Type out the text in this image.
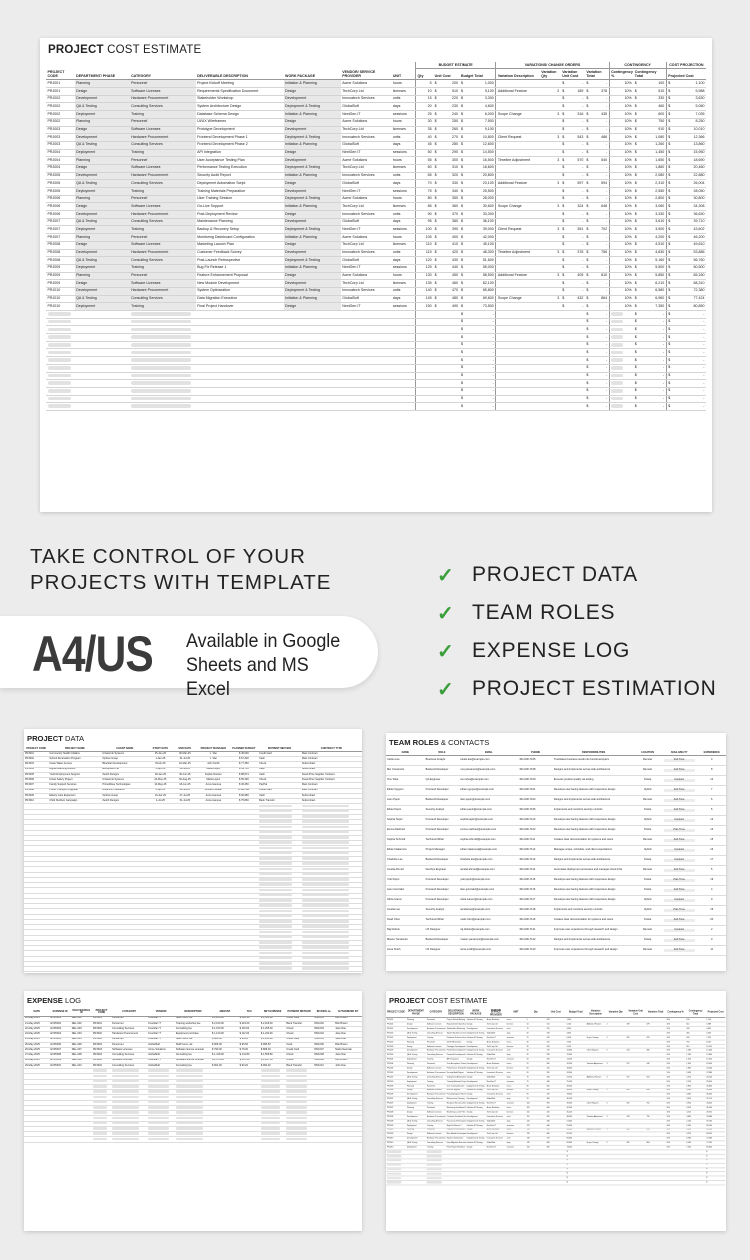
PROJECT COST ESTIMATE
PROJECT CODE	DEPARTMENT/ PHASE	CATEGORY	DELIVERABLE DESCRIPTION	WORK PACKAGE	VENDOR/ SERVICE PROVIDER	UNIT	BUDGET ESTIMATE			VARIATIONS/ CHANGE ORDERS				CONTINGENCY		COST PROJECTION
							Qty	Unit Cost	Budget Total	Variation Description	Variation Qty	Variation Unit Cost	Variation Total	Contingency %	Contingency Total	Projected Cost
PRJ001	Planning	Personnel	Project Kickoff Meeting	Initiation & Planning	Acme Solutions	hours	5	$ 200	$ 1,000			$ -	$ -	10%	$ 100	$ 1,100
PRJ001	Design	Software Licenses	Requirements Specification Document	Design	TechCorp Ltd	licenses	10	$ 510	$ 5,100	Additional Feature	2	$ 189	$ 378	10%	$ 510	$ 5,988
PRJ002	Development	Hardware Procurement	Stakeholder Workshop	Development	Innovatech Services	units	15	$ 220	$ 3,300			$ -	$ -	10%	$ 330	$ 3,630
PRJ002	QA & Testing	Consulting Services	System Architecture Design	Deployment & Testing	GlobalSoft	days	20	$ 230	$ 4,600			$ -	$ -	10%	$ 460	$ 5,060
PRJ002	Deployment	Training	Database Schema Design	Initiation & Planning	NextGen IT	sessions	25	$ 240	$ 6,000	Scope Change	3	$ 316	$ 435	10%	$ 600	$ 7,035
PRJ002	Planning	Personnel	UI/UX Wireframes	Design	Acme Solutions	hours	30	$ 250	$ 7,500			$ -	$ -	10%	$ 750	$ 8,250
PRJ003	Design	Software Licenses	Prototype Development	Development	TechCorp Ltd	licenses	35	$ 260	$ 9,100			$ -	$ -	10%	$ 910	$ 10,010
PRJ003	Development	Hardware Procurement	Frontend Development Phase 1	Deployment & Testing	Innovatech Services	units	40	$ 270	$ 10,800	Client Request	3	$ 543	$ 486	10%	$ 1,080	$ 12,366
PRJ003	QA & Testing	Consulting Services	Frontend Development Phase 2	Initiation & Planning	GlobalSoft	days	45	$ 280	$ 12,600			$ -	$ -	10%	$ 1,260	$ 13,860
PRJ004	Deployment	Training	API Integration	Design	NextGen IT	sessions	50	$ 290	$ 14,500			$ -	$ -	10%	$ 1,450	$ 15,950
PRJ004	Planning	Personnel	User Acceptance Testing Plan	Development	Acme Solutions	hours	55	$ 300	$ 16,500	Timeline Adjustment	3	$ 570	$ 540	10%	$ 1,650	$ 18,690
PRJ004	Design	Software Licenses	Performance Testing Execution	Deployment & Testing	TechCorp Ltd	licenses	60	$ 310	$ 18,600			$ -	$ -	10%	$ 1,860	$ 20,460
PRJ005	Development	Hardware Procurement	Security Audit Report	Initiation & Planning	Innovatech Services	units	65	$ 320	$ 20,800			$ -	$ -	10%	$ 2,080	$ 22,880
PRJ005	QA & Testing	Consulting Services	Deployment Automation Script	Design	GlobalSoft	days	70	$ 330	$ 23,100	Additional Feature	3	$ 597	$ 594	10%	$ 2,310	$ 26,004
PRJ005	Deployment	Training	Training Materials Preparation	Development	NextGen IT	sessions	75	$ 340	$ 25,500			$ -	$ -	10%	$ 2,550	$ 28,050
PRJ006	Planning	Personnel	User Training Session	Deployment & Testing	Acme Solutions	hours	80	$ 350	$ 28,000			$ -	$ -	10%	$ 2,800	$ 30,800
PRJ006	Design	Software Licenses	Go-Live Support	Initiation & Planning	TechCorp Ltd	licenses	85	$ 360	$ 30,600	Scope Change	3	$ 324	$ 648	10%	$ 3,060	$ 34,308
PRJ006	Development	Hardware Procurement	Post-Deployment Review	Design	Innovatech Services	units	90	$ 370	$ 33,300			$ -	$ -	10%	$ 3,330	$ 36,630
PRJ007	QA & Testing	Consulting Services	Maintenance Planning	Development	GlobalSoft	days	95	$ 380	$ 36,100			$ -	$ -	10%	$ 3,610	$ 39,710
PRJ007	Deployment	Training	Backup & Recovery Setup	Deployment & Testing	NextGen IT	sessions	100	$ 390	$ 39,000	Client Request	3	$ 351	$ 702	10%	$ 3,900	$ 43,602
PRJ007	Planning	Personnel	Monitoring Dashboard Configuration	Initiation & Planning	Acme Solutions	hours	105	$ 400	$ 42,000			$ -	$ -	10%	$ 4,200	$ 46,200
PRJ008	Design	Software Licenses	Marketing Launch Plan	Design	TechCorp Ltd	licenses	110	$ 410	$ 45,100			$ -	$ -	10%	$ 4,510	$ 49,610
PRJ008	Development	Hardware Procurement	Customer Feedback Survey	Development	Innovatech Services	units	115	$ 420	$ 48,300	Timeline Adjustment	3	$ 378	$ 756	10%	$ 4,830	$ 53,886
PRJ008	QA & Testing	Consulting Services	Post-Launch Retrospective	Deployment & Testing	GlobalSoft	days	120	$ 430	$ 51,600			$ -	$ -	10%	$ 5,160	$ 56,760
PRJ009	Deployment	Training	Bug Fix Release 1	Initiation & Planning	NextGen IT	sessions	125	$ 440	$ 55,000			$ -	$ -	10%	$ 5,500	$ 60,500
PRJ009	Planning	Personnel	Feature Enhancement Proposal	Design	Acme Solutions	hours	130	$ 450	$ 58,500	Additional Feature	3	$ 405	$ 810	10%	$ 5,850	$ 65,160
PRJ009	Design	Software Licenses	New Module Development	Development	TechCorp Ltd	licenses	135	$ 460	$ 62,100			$ -	$ -	10%	$ 6,210	$ 68,310
PRJ010	Development	Hardware Procurement	System Optimization	Deployment & Testing	Innovatech Services	units	140	$ 470	$ 65,800			$ -	$ -	10%	$ 6,580	$ 72,380
PRJ010	QA & Testing	Consulting Services	Data Migration Execution	Initiation & Planning	GlobalSoft	days	145	$ 480	$ 69,600	Scope Change	3	$ 432	$ 864	10%	$ 6,960	$ 77,424
PRJ010	Deployment	Training	Final Project Handover	Design	NextGen IT	sessions	150	$ 490	$ 73,500			$ -	$ -	10%	$ 7,350	$ 80,850

									$ -				$ -		$ -	$ -

									$ -				$ -		$ -	$ -

									$ -				$ -		$ -	$ -

									$ -				$ -		$ -	$ -

									$ -				$ -		$ -	$ -

									$ -				$ -		$ -	$ -

									$ -				$ -		$ -	$ -

									$ -				$ -		$ -	$ -

									$ -				$ -		$ -	$ -

									$ -				$ -		$ -	$ -

									$ -				$ -		$ -	$ -

									$ -				$ -		$ -	$ -

									$ -				$ -		$ -	$ -
TAKE CONTROL OF YOUR
PROJECTS WITH TEMPLATE
A4/US Available in Google
Sheets and MS Excel
✓ PROJECT DATA
✓ TEAM ROLES
✓ EXPENSE LOG
✓ PROJECT ESTIMATION
PROJECT DATA
PROJECT CODE	PROJECT NAME	CLIENT NAME	START DATE	END DATE	PROJECT MANAGER	PLANNED BUDGET	PAYMENT METHOD	CONTRACT TYPE
PRJ001	Community Health Initiative	UrbanLink Systems	15-Jan-25	30-Mar-25	L. Wei	$ 45,000	Credit Card	Main Contract
PRJ002	School Renovation Program	Optima Group	1-Jan-25	31-Jul-25	L. Wei	$ 67,320	Cash	Main Contract
PRJ003	Clean Water Access	BlueStar Development	8-Feb-25	22-Mar-25	John Smith	$ 77,360	Check	Subcontract
PRJ004	Digital Learning Rollout	EcoSphere Ltd	5-Apr-25	28-Jul-25	Maria Lopez	$ 59,756	Cash	Subcontract
PRJ005	Youth Employment Support	Zenith Designs	18-Jan-25	30-Jun-25	Sophie Nielsen	$ 88,974	Cash	Fixed-Price Supplier Contract
PRJ006	Urban Safety Project	UrbanLink Systems	20-May-25	30-Aug-25	Maria Lopez	$ 56,490	Check	Fixed-Price Supplier Contract
PRJ007	Family Support Services	PrimeWave Technologies	10-May-25	18-Jun-25	Anna Ivanova	$ 36,450	PayPal	Main Contract
PRJ008	Public Transport Upgrade	NovaTech Solutions	5-Apr-25	29-Jul-25	Ahmed Hassan	$ 102,994	Credit Card	Main Contract
PRJ009	Elderly Care Expansion	Optima Group	10-Apr-25	27-Jul-25	Anna Ivanova	$ 82,980	Cash	Subcontract
PRJ010	Child Nutrition Campaign	Zenith Designs	1-Jul-25	31-Jul-25	Anna Ivanova	$ 75,860	Bank Transfer	Subcontract

TEAM ROLES & CONTACTS
NAME	ROLE	EMAIL	PHONE	RESPONSIBILITIES	LOCATION	AVAILABILITY	EXPERIENCE
Carlos Lee	Business Analyst	carlos.lee@example.com	301-000-7105	Translates business needs into functional specs	Remote	Full-Time	4
Mei Yamamoto	Backend Developer	mei.yamamoto@example.com	301-000-7108	Designs and implements server-side architecture	Remote	Full-Time	8
Tom Silva	QA Engineer	tom.silva@example.com	301-000-7109	Ensures product quality via testing	Onsite	Contract	14
Ethan Nguyen	Frontend Developer	ethan.nguyen@example.com	301-000-7101	Develops user-facing features with responsive design	Hybrid	Full-Time	7
Liam Pepin	Backend Developer	liam.pepin@example.com	301-000-7104	Designs and implements server-side architecture	Remote	Full-Time	6
Ethan Pepin	Security Analyst	ethan.pepin@example.com	301-000-7106	Implements and monitors security controls	Onsite	Full-Time	5
Sophia Taylor	Frontend Developer	sophia.taylor@example.com	301-000-7110	Develops user-facing features with responsive design	Hybrid	Contract	13
Emma Martinez	Frontend Developer	emma.martinez@example.com	301-000-7102	Develops user-facing features with responsive design	Onsite	Part-Time	13
Sophia Schmidt	Technical Writer	sophia.schmidt@example.com	301-000-7111	Creates clear documentation for systems and users	Remote	Full-Time	15
Ethan Nakamura	Project Manager	ethan.nakamura@example.com	301-000-7112	Manages scope, schedule, and client expectations	Hybrid	Contract	16
Charlotte Lee	Backend Developer	charlotte.lee@example.com	301-000-7113	Designs and implements server-side architecture	Onsite	Contract	17
Amelia Ahmed	DevOps Engineer	amelia.ahmed@example.com	301-000-7114	Automates deployment processes and manages cloud infra	Remote	Full-Time	5
Yuki Pepin	Frontend Developer	yuki.pepin@example.com	301-000-7115	Develops user-facing features with responsive design	Onsite	Part-Time	19
Liam Gonzalez	Frontend Developer	liam.gonzalez@example.com	301-000-7116	Develops user-facing features with responsive design	Onsite	Full-Time	4
Olivia Ivanov	Frontend Developer	olivia.ivanov@example.com	301-000-7117	Develops user-facing features with responsive design	Hybrid	Contract	9
Amelia Lee	Security Analyst	amelia.lee@example.com	301-000-7118	Implements and monitors security controls	Hybrid	Part-Time	19
Noah Chen	Technical Writer	noah.chen@example.com	301-000-7119	Creates clear documentation for systems and users	Onsite	Full-Time	20
Raj Dubois	UX Designer	raj.dubois@example.com	301-000-7121	Improves user experience through research and design	Remote	Contract	2
Mason Yamamoto	Backend Developer	mason.yamamoto@example.com	301-000-7122	Designs and implements server-side architecture	Onsite	Full-Time	3
Anna Smith	UX Designer	anna.smith@example.com	301-000-7123	Improves user experience through research and design	Remote	Full-Time	11
EXPENSE LOG
DATE	EXPENSE ID	DELIVERABLE ID	PROJECT CODE	CATEGORY	VENDOR	DESCRIPTION	AMOUNT	TAX	NET EXPENSE	PAYMENT METHOD	INVOICE №	AUTHORIZED BY
20-May-2025	EXP0001	DEL-001	PRJ001	Personnel	FreeStar IT	Staff hours, wk	$ 1,206.00	$ 120.60	$ 1,326.60	Credit Card	INV1001	Bob Brown
21-May-2025	EXP0002	DEL-002	PRJ001	Personnel	FreeStar IT	Training workshop fee	$ 2,190.00	$ 219.00	$ 2,409.00	Bank Transfer	INV1002	Bob Brown
22-May-2025	EXP0003	DEL-003	PRJ002	Consulting Services	FreeStar IT	Consulting fee	$ 1,150.00	$ 115.00	$ 1,265.00	Check	INV1003	Jane Doe
23-May-2025	EXP0004	DEL-004	PRJ002	Hardware Procurement	FreeStar IT	Equipment purchase	$ 1,120.00	$ 112.00	$ 1,232.00	Check	INV1004	Jane Doe
24-May-2025	EXP0005	DEL-005	PRJ002	Personnel	FreeStar IT	Staff hours, wk	$ 960.00	$ 96.00	$ 1,056.00	Credit Card	INV1005	Jane Doe
25-May-2025	EXP0006	DEL-006	PRJ003	Personnel	GlobalSoft	Staff hours, wk	$ 905.00	$ 90.50	$ 995.50	Cash	INV1006	Bob Brown
26-May-2025	EXP0007	DEL-007	PRJ003	Software Licenses	Acme Solutions	Software license renewal	$ 790.00	$ 79.00	$ 869.00	Credit Card	INV1007	Maria Newman
27-May-2025	EXP0008	DEL-008	PRJ003	Consulting Services	GlobalSoft	Consulting fee	$ 1,418.00	$ 141.80	$ 1,559.80	Check	INV1008	Jane Doe
28-May-2025	EXP0009	DEL-009	PRJ004	Software Licenses	FreeStar IT	Software license renewal	$ 1,670.00	$ 167.00	$ 1,837.00	Check	INV1009	Bob Brown
29-May-2025	EXP0010	DEL-010	PRJ004	Consulting Services	GlobalSoft	Consulting fee	$ 902.00	$ 90.20	$ 992.20	Bank Transfer	INV1010	John Doe

PROJECT COST ESTIMATE
PROJECT CODE	DEPARTMENT/ PHASE	CATEGORY	DELIVERABLE DESCRIPTION	WORK PACKAGE	VENDOR/ SERVICE PROVIDER	UNIT	Qty	Unit Cost	Budget Total	Variation Description	Variation Qty	Variation Unit Cost	Variation Total	Contingency %	Contingency Total	Projected Cost
PRJ001	Planning	Personnel	Project Kickoff Meeting	Initiation & Planning	Acme Solutions	hours	5	200	1,000					10%	100	1,100
PRJ001	Design	Software Licenses	Requirements Specifica	Design	TechCorp Ltd	licenses	10	510	5,100	Additional Feature	2	189	378	10%	510	5,988
PRJ002	Development	Hardware Procurement	Stakeholder Workshop	Development	Innovatech Services	units	15	220	3,300					10%	330	3,630
PRJ002	QA & Testing	Consulting Services	System Architecture De	Deployment & Testing	GlobalSoft	days	20	230	4,600					10%	460	5,060
PRJ002	Deployment	Training	Database Schema Design	Initiation & Planning	NextGen IT	sessions	25	240	6,000	Scope Change	3	316	435	10%	600	7,035
PRJ002	Planning	Personnel	UI/UX Wireframes	Design	Acme Solutions	hours	30	250	7,500					10%	750	8,250
PRJ003	Design	Software Licenses	Prototype Development	Development	TechCorp Ltd	licenses	35	260	9,100					10%	910	10,010
PRJ003	Development	Hardware Procurement	Frontend Development	Deployment & Testing	Innovatech Services	units	40	270	10,800	Client Request	3	543	486	10%	1,080	12,366
PRJ003	QA & Testing	Consulting Services	Frontend Development	Initiation & Planning	GlobalSoft	days	45	280	12,600					10%	1,260	13,860
PRJ004	Deployment	Training	API Integration	Design	NextGen IT	sessions	50	290	14,500					10%	1,450	15,950
PRJ004	Planning	Personnel	User Acceptance Testin	Development	Acme Solutions	hours	55	300	16,500	Timeline Adjustment	3	570	540	10%	1,650	18,690
PRJ004	Design	Software Licenses	Performance Testing Ex	Deployment & Testing	TechCorp Ltd	licenses	60	310	18,600					10%	1,860	20,460
PRJ005	Development	Hardware Procurement	Security Audit Report	Initiation & Planning	Innovatech Services	units	65	320	20,800					10%	2,080	22,880
PRJ005	QA & Testing	Consulting Services	Deployment Automation	Design	GlobalSoft	days	70	330	23,100	Additional Feature	3	597	594	10%	2,310	26,004
PRJ005	Deployment	Training	Training Materials Prepa	Development	NextGen IT	sessions	75	340	25,500					10%	2,550	28,050
PRJ006	Planning	Personnel	User Training Session	Deployment & Testing	Acme Solutions	hours	80	350	28,000					10%	2,800	30,800
PRJ006	Design	Software Licenses	Go-Live Support	Initiation & Planning	TechCorp Ltd	licenses	85	360	30,600	Scope Change	3	324	648	10%	3,060	34,308
PRJ006	Development	Hardware Procurement	Post-Deployment Review	Design	Innovatech Services	units	90	370	33,300					10%	3,330	36,630
PRJ007	QA & Testing	Consulting Services	Maintenance Planning	Development	GlobalSoft	days	95	380	36,100					10%	3,610	39,710
PRJ007	Deployment	Training	Backup & Recovery Setup	Deployment & Testing	NextGen IT	sessions	100	390	39,000	Client Request	3	351	702	10%	3,900	43,602
PRJ007	Planning	Personnel	Monitoring Dashboard	Initiation & Planning	Acme Solutions	hours	105	400	42,000					10%	4,200	46,200
PRJ008	Design	Software Licenses	Marketing Launch Plan	Design	TechCorp Ltd	licenses	110	410	45,100					10%	4,510	49,610
PRJ008	Development	Hardware Procurement	Customer Feedback Su	Development	Innovatech Services	units	115	420	48,300	Timeline Adjustment	3	378	756	10%	4,830	53,886
PRJ008	QA & Testing	Consulting Services	Post-Launch Retrospec	Deployment & Testing	GlobalSoft	days	120	430	51,600					10%	5,160	56,760
PRJ009	Deployment	Training	Bug Fix Release 1	Initiation & Planning	NextGen IT	sessions	125	440	55,000					10%	5,500	60,500
PRJ009	Planning	Personnel	Feature Enhancement	Design	Acme Solutions	hours	130	450	58,500	Additional Feature	3	405	810	10%	5,850	65,160
PRJ009	Design	Software Licenses	New Module Development	Development	TechCorp Ltd	licenses	135	460	62,100					10%	6,210	68,310
PRJ010	Development	Hardware Procurement	System Optimization	Deployment & Testing	Innovatech Services	units	140	470	65,800					10%	6,580	72,380
PRJ010	QA & Testing	Consulting Services	Data Migration Execution	Initiation & Planning	GlobalSoft	days	145	480	69,600	Scope Change	3	432	864	10%	6,960	77,424
PRJ010	Deployment	Training	Final Project Handover	Design	NextGen IT	sessions	150	490	73,500					10%	7,350	80,850
									$							$
									$							$
									$							$
									$							$
									$							$
									$							$
									$							$
									$							$
